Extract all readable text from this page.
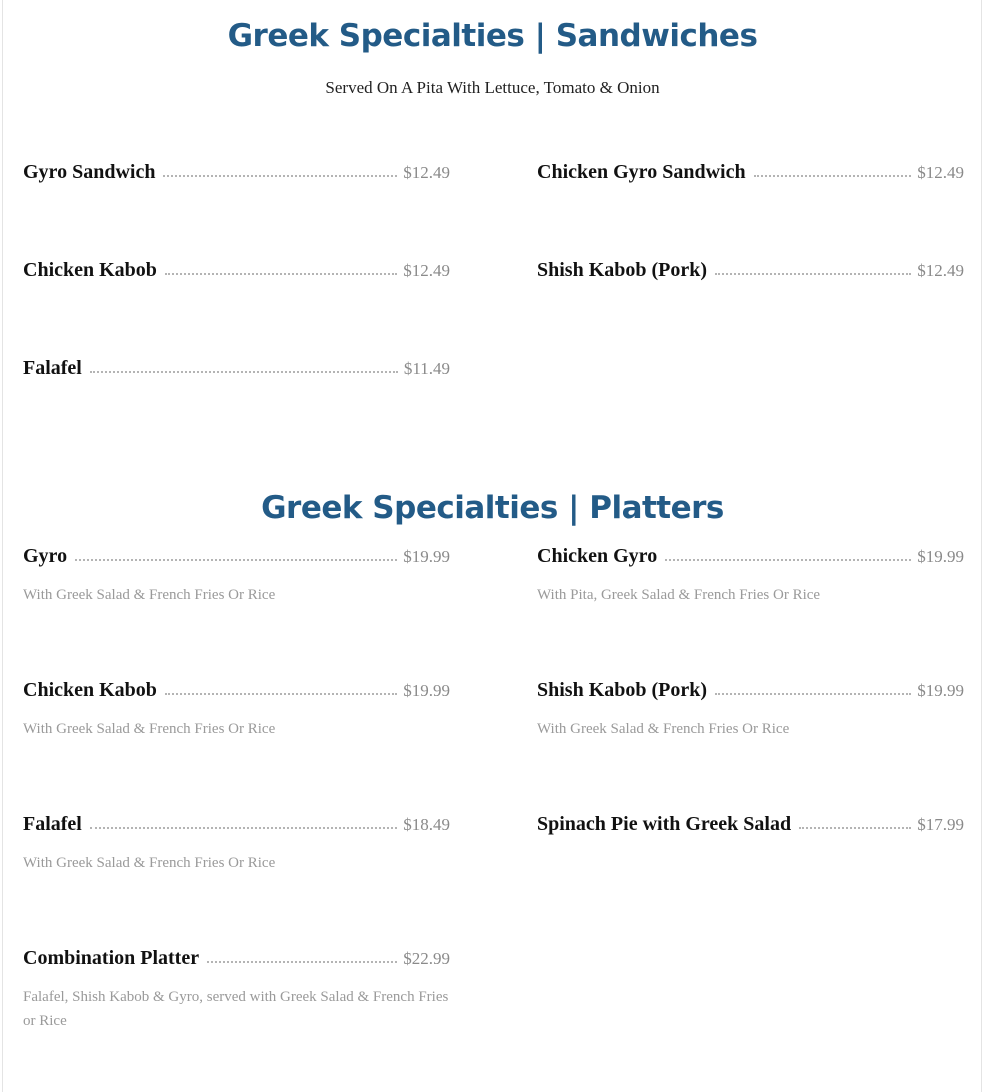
Greek Specialties | Sandwiches
Served On A Pita With Lettuce, Tomato & Onion
Gyro Sandwich	$12.49	Chicken Gyro Sandwich	$12.49
Chicken Kabob	$12.49	Shish Kabob (Pork)	$12.49
Falafel	$11.49
Greek Specialties | Platters
Gyro	$19.99
With Greek Salad & French Fries Or Rice
Chicken Gyro	$19.99
With Pita, Greek Salad & French Fries Or Rice
Chicken Kabob	$19.99
With Greek Salad & French Fries Or Rice
Shish Kabob (Pork)	$19.99
With Greek Salad & French Fries Or Rice
Falafel	$18.49
With Greek Salad & French Fries Or Rice
Spinach Pie with Greek Salad	$17.99
Combination Platter	$22.99
Falafel, Shish Kabob & Gyro, served with Greek Salad & French Fries or Rice
